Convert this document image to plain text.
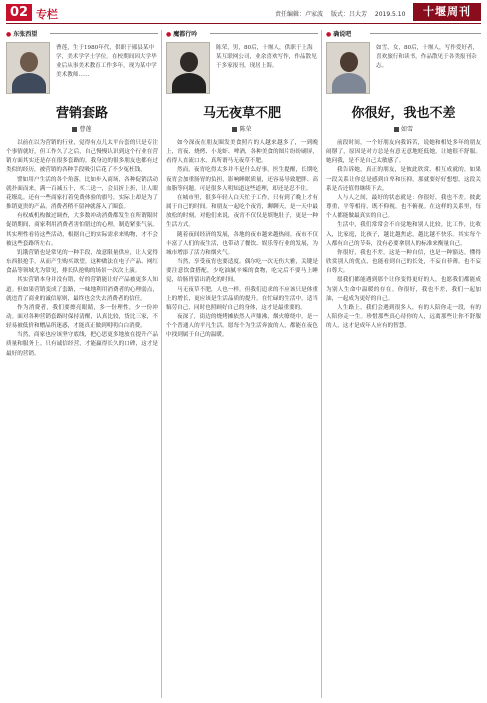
02 专栏	责任编辑：卢家波 版式：吕大芳 2019.5.10	十堰周刊
● 东张西望
曹莲，生于1980年代，供职于郧县某中学，美术学学士学位。在校期间因大学毕业后从事美术教育工作多年，现为某中学美术教师……
营销套路
曹莲

以前在以为营销的行业，觉得有点儿太平台套的只是专注个事情就好，但工作久了之后，自己慢慢认识到这个行业在营销方面其实还是存在很多套路的。我身边的很多朋友也都有过类似的经历，被营销的各种手段吸引后花了不少冤枉钱。

譬如用户生活的各个角落，比如步入商场，各种促销活动就扑面而来，满一百减五十，买二送一，会员折上折，让人眼花缭乱。还有一些商家打着免费体验的旗号，实际上却是为了推销更贵的产品，消费者稍不留神就落入了圈套。

有权威机构做过调查，大多数冲动消费都发生在所谓限时促销期间，商家利用消费者害怕错过的心理，制造紧张气氛。其实理性看待这些活动，根据自己的实际需求来购物，才不会被这些套路所左右。

饥饿营销也是常见的一种手段，故意限量供应，让人觉得东西很抢手，从而产生购买欲望。这种做法在电子产品、网红食品等领域尤为常见，排长队抢购的场景一次次上演。

其实营销本身并没有错，好的营销能让好产品被更多人知道。但如果营销变成了套路，一味地利用消费者的心理弱点，就违背了商业的诚信原则，最终也会失去消费者的信任。

作为消费者，我们要擦亮眼睛，多一份理性，少一份冲动。面对各种营销套路时保持清醒，认真比较，货比三家，不轻易被低价和赠品所迷惑，才能真正做到明明白白消费。

当然，商家也应该坚守底线，把心思更多地放在提升产品质量和服务上。只有诚信经营，才能赢得长久的口碑，这才是最好的营销。

● 魔都行吟
陈荣，男，80后，十堰人，供职于上海某互联网公司，业余喜欢写作，作品散见于多家报刊，现居上海。
马无夜草不肥
陈荣

如今深夜在朋友圈发美食照片的人越来越多了，一到晚上，宵夜、烧烤、小龙虾、啤酒，各种美食的图片纷纷刷屏，看得人直流口水，真所谓马无夜草不肥。

然而，夜宵吃得太多并不是什么好事。医生提醒，长期吃夜宵会加重肠胃的负担，影响睡眠质量，还容易导致肥胖、高血脂等问题。可是很多人明知道这些道理，却还是忍不住。

在城市里，很多年轻人白天忙于工作，只有到了晚上才有属于自己的时间。和朋友一起吃个夜宵，聊聊天，是一天中最放松的时刻。对他们来说，夜宵不仅仅是填饱肚子，更是一种生活方式。

随着夜间经济的发展，各地的夜市越来越热闹。夜市不仅丰富了人们的夜生活，也带动了餐饮、娱乐等行业的发展，为城市增添了活力和烟火气。

当然，享受夜宵也要适度。偶尔吃一次无伤大雅，关键是要注意饮食搭配，少吃油腻辛辣的食物，吃完后不要马上睡觉，给肠胃留出消化的时间。

马无夜草不肥，人也一样。但我们追求的不应该只是体重上的增长，更应该是生活品质的提升。在忙碌的生活中，适当犒劳自己，同时也照顾好自己的身体，这才是最重要的。

夜深了，街边的烧烤摊依然人声鼎沸，烟火缭绕中，是一个个普通人的平凡生活。愿每个为生活奔波的人，都能在夜色中找到属于自己的温暖。

● 确说吧
如雪，女，80后，十堰人，写作爱好者，喜欢旅行和读书，作品散见于各类报刊杂志。
你很好，我也不差
如雪

前段时间，一个好朋友向我诉苦，说她和相处多年的朋友闹掰了，原因是对方总是有意无意地贬低她，让她很不舒服。她问我，是不是自己太敏感了。

我告诉她，真正的朋友，是彼此欣赏、相互成就的。如果一段关系让你总是感到自卑和压抑，那就要好好想想，这段关系是否还值得继续下去。

人与人之间，最好的状态就是：你很好，我也不差。彼此尊重，平等相待，既不仰视，也不俯视。在这样的关系里，每个人都能做最真实的自己。

生活中，我们常常会不自觉地和别人比较。比工作，比收入，比家庭，比孩子，越比越焦虑，越比越不快乐。其实每个人都有自己的节奏，没有必要拿别人的标准来衡量自己。

你很好，我也不差，这是一种自信，也是一种豁达。懂得欣赏别人的优点，也能看到自己的长处，不妄自菲薄，也不妄自尊大。

愿我们都能遇到那个让你变得更好的人，也愿我们都能成为别人生命中温暖的存在。你很好，我也不差，我们一起加油，一起成为更好的自己。

人生路上，我们会遇到很多人，有的人陪你走一段，有的人陪你走一生。珍惜那些真心待你的人，远离那些让你不舒服的人，这才是成年人应有的智慧。
